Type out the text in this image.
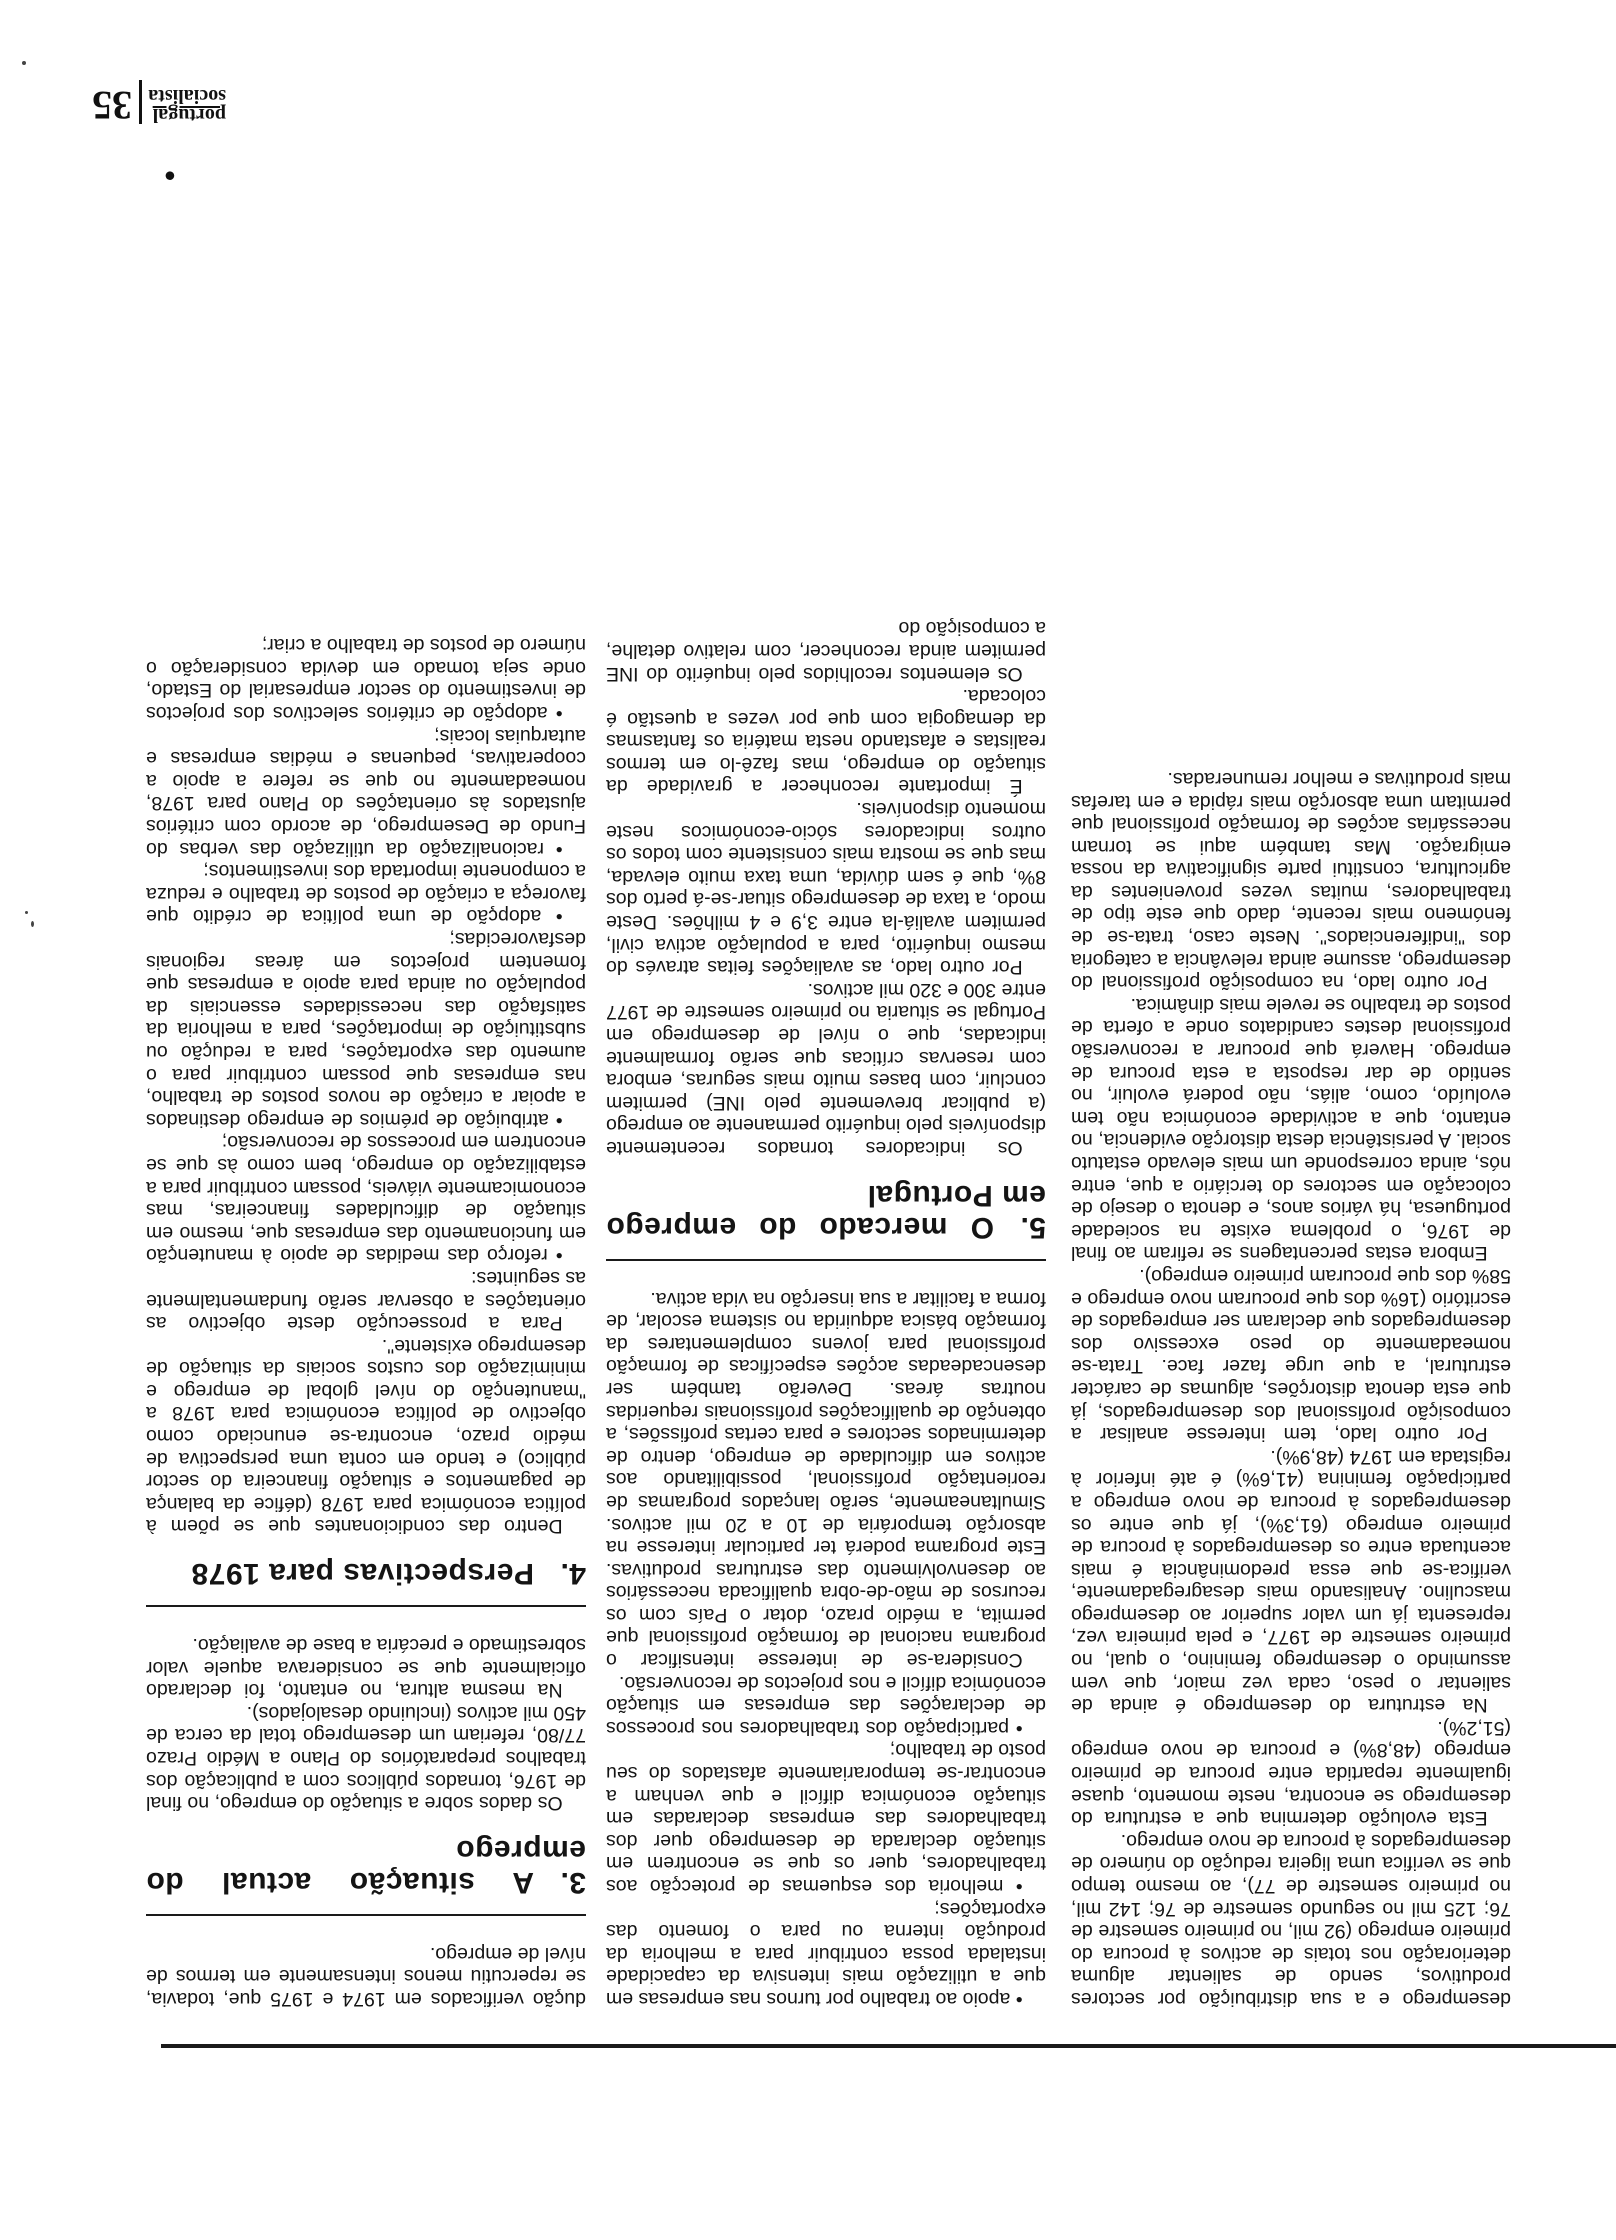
dução verificados em 1974 e 1975 que, todavia, se repercutiu menos intensamente em termos de nível de emprego.

3.A situação actual do emprego

Os dados sobre a situação do emprego, no final de 1976, tornados públicos com a publicação dos trabalhos preparatórios do Plano a Médio Prazo 77/80, referiam um desemprego total da cerca de 450 mil activos (incluindo desalojados).

Na mesma altura, no entanto, foi declarado oficialmente que se considerava aquele valor sobrestimado e precária a base de avaliação.

4.Perspectivas para 1978

Dentro das condicionantes que se põem à política económica para 1978 (défice da balança de pagamentos e situação financeira do sector público) e tendo em conta uma perspectiva de médio prazo, encontra-se enunciado como objectivo de política económica para 1978 a "manutenção do nível global de emprego e minimização dos custos sociais da situação de desemprego existente".

Para a prossecução deste objectivo as orientações a observar serão fundamentalmente as seguintes:

• reforço das medidas de apoio à manutenção em funcionamento das empresas que, mesmo em situação de dificuldades financeiras, mas economicamente viáveis, possam contribuir para a estabilização do emprego, bem como às que se encontrem em processos de reconversão;

• atribuição de prémios de emprego destinados a apoiar a criação de novos postos de trabalho, nas empresas que possam contribuir para o aumento das exportações, para a redução ou substituição de importações, para a melhoria da satisfação das necessidades essenciais da população ou ainda para apoio a empresas que fomentem projectos em áreas regionais desfavorecidas;

• adopção de uma política de crédito que favoreça a criação de postos de trabalho e reduza a componente importada dos investimentos;

• racionalização da utilização das verbas do Fundo de Desemprego, de acordo com critérios ajustados às orientações do Plano para 1978, nomeadamente no que se refere a apoio a cooperativas, pequenas e médias empresas e autarquias locais;

• adopção de critérios selectivos dos projectos de investimento do sector empresarial do Estado, onde seja tomado em devida consideração o número de postos de trabalho a criar;

• apoio ao trabalho por turnos nas empresas em que a utilização mais intensiva da capacidade instalada possa contribuir para a melhoria da produção interna ou para o fomento das exportações;

• melhoria dos esquemas de protecção aos trabalhadores, quer os que se encontrem em situação declarada de desemprego quer dos trabalhadores das empresas declaradas em situação económica difícil e que venham a encontrar-se temporariamente afastados do seu posto de trabalho;

• participação dos trabalhadores nos processos de declarações das empresas em situação económica difícil e nos projectos de reconversão.

Considera-se de interesse intensificar o programa nacional de formação profissional que permita, a médio prazo, dotar o País com os recursos de mão-de-obra qualificada necessários ao desenvolvimento das estruturas produtivas. Este programa poderá ter particular interesse na absorção temporária de 10 a 20 mil activos. Simultaneamente, serão lançados programas de reorientação profissional, possibilitando aos activos em dificuldade de emprego, dentro de determinados sectores e para certas profissões, a obtenção de qualificações profissionais requeridas noutras áreas. Deverão também ser desencadeadas acções específicas de formação profissional para jovens complementares da formação básica adquirida no sistema escolar, de forma a facilitar a sua inserção na vida activa.

5.O mercado do emprego em Portugal

Os indicadores tornados recentemente disponíveis pelo inquérito permanente ao emprego (a publicar brevemente pelo INE) permitem concluir, com bases muito mais seguras, embora com reservas críticas que serão formalmente indicadas, que o nível de desemprego em Portugal se situaria no primeiro semestre de 1977 entre 300 e 320 mil activos.

Por outro lado, as avaliações feitas através do mesmo inquérito, para a população activa civil, permitem avaliá-la entre 3,9 e 4 milhões. Deste modo, a taxa de desemprego situar-se-á perto dos 8%, que é sem dúvida, uma taxa muito elevada, mas que se mostra mais consistente com todos os outros indicadores sócio-económicos neste momento disponíveis.

É importante reconhecer a gravidade da situação do emprego, mas fazê-lo em termos realistas e afastando nesta matéria os fantasmas da demagogia com que por vezes a questão é colocada.

Os elementos recolhidos pelo inquérito do INE permitem ainda reconhecer, com relativo detalhe, a composição do

desemprego e a sua distribuição por sectores produtivos, sendo de salientar alguma deterioração nos totais de activos à procura do primeiro emprego (92 mil, no primeiro semestre de 76; 125 mil no segundo semestre de 76; 142 mil, no primeiro semestre de 77), ao mesmo tempo que se verifica uma ligeira redução do número de desempregados à procura de novo emprego.

Esta evolução determina que a estrutura do desemprego se encontra, neste momento, quase igualmente repartida entre procura de primeiro emprego (48,8%) e procura de novo emprego (51,2%).

Na estrutura do desemprego é ainda de salientar o peso, cada vez maior, que vem assumindo o desemprego feminino, o qual, no primeiro semestre de 1977, e pela primeira vez, representa já um valor superior ao desemprego masculino. Analisando mais desagregadamente, verifica-se que essa predominância é mais acentuada entre os desempregados à procura de primeiro emprego (61,3%), já que entre os desempregados à procura de novo emprego a participação feminina (41,6%) é até inferior à registada em 1974 (48,9%).

Por outro lado, tem interesse analisar a composição profissional dos desempregados, já que esta denota distorções, algumas de carácter estrutural, a que urge fazer face. Trata-se nomeadamente do peso excessivo dos desempregados que declaram ser empregados de escritório (16% dos que procuram novo emprego e 58% dos que procuram primeiro emprego).

Embora estas percentagens se refiram ao final de 1976, o problema existe na sociedade portuguesa, há vários anos, e denota o desejo de colocação em sectores do terciário a que, entre nós, ainda corresponde um mais elevado estatuto social. A persistência desta distorção evidencia, no entanto, que a actividade económica não tem evoluído, como, aliás, não poderá evoluir, no sentido de dar resposta a esta procura de emprego. Haverá que procurar a reconversão profissional destes candidatos onde a oferta de postos de trabalho se revele mais dinâmica.

Por outro lado, na composição profissional do desemprego, assume ainda relevância a categoria dos "indiferenciados". Neste caso, trata-se de fenómeno mais recente, dado que este tipo de trabalhadores, muitas vezes provenientes da agricultura, constitui parte significativa da nossa emigração. Mas também aqui se tornam necessárias acções de formação profissional que permitam uma absorção mais rápida e em tarefas mais produtivas e melhor remuneradas.

●
portugal
socialista
35
